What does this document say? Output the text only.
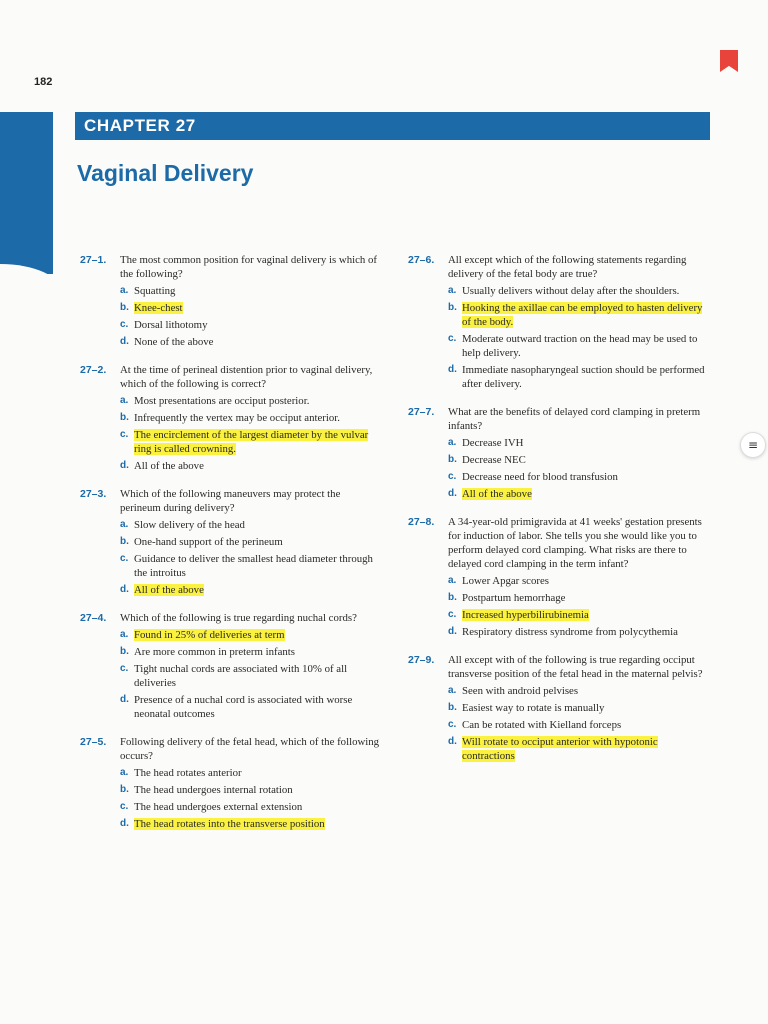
182
CHAPTER 27
Vaginal Delivery
27–1. The most common position for vaginal delivery is which of the following?
a. Squatting
b. Knee-chest
c. Dorsal lithotomy
d. None of the above
27–2. At the time of perineal distention prior to vaginal delivery, which of the following is correct?
a. Most presentations are occiput posterior.
b. Infrequently the vertex may be occiput anterior.
c. The encirclement of the largest diameter by the vulvar ring is called crowning.
d. All of the above
27–3. Which of the following maneuvers may protect the perineum during delivery?
a. Slow delivery of the head
b. One-hand support of the perineum
c. Guidance to deliver the smallest head diameter through the introitus
d. All of the above
27–4. Which of the following is true regarding nuchal cords?
a. Found in 25% of deliveries at term
b. Are more common in preterm infants
c. Tight nuchal cords are associated with 10% of all deliveries
d. Presence of a nuchal cord is associated with worse neonatal outcomes
27–5. Following delivery of the fetal head, which of the following occurs?
a. The head rotates anterior
b. The head undergoes internal rotation
c. The head undergoes external extension
d. The head rotates into the transverse position
27–6. All except which of the following statements regarding delivery of the fetal body are true?
a. Usually delivers without delay after the shoulders.
b. Hooking the axillae can be employed to hasten delivery of the body.
c. Moderate outward traction on the head may be used to help delivery.
d. Immediate nasopharyngeal suction should be performed after delivery.
27–7. What are the benefits of delayed cord clamping in preterm infants?
a. Decrease IVH
b. Decrease NEC
c. Decrease need for blood transfusion
d. All of the above
27–8. A 34-year-old primigravida at 41 weeks' gestation presents for induction of labor. She tells you she would like you to perform delayed cord clamping. What risks are there to delayed cord clamping in the term infant?
a. Lower Apgar scores
b. Postpartum hemorrhage
c. Increased hyperbilirubinemia
d. Respiratory distress syndrome from polycythemia
27–9. All except with of the following is true regarding occiput transverse position of the fetal head in the maternal pelvis?
a. Seen with android pelvises
b. Easiest way to rotate is manually
c. Can be rotated with Kielland forceps
d. Will rotate to occiput anterior with hypotonic contractions
≡
